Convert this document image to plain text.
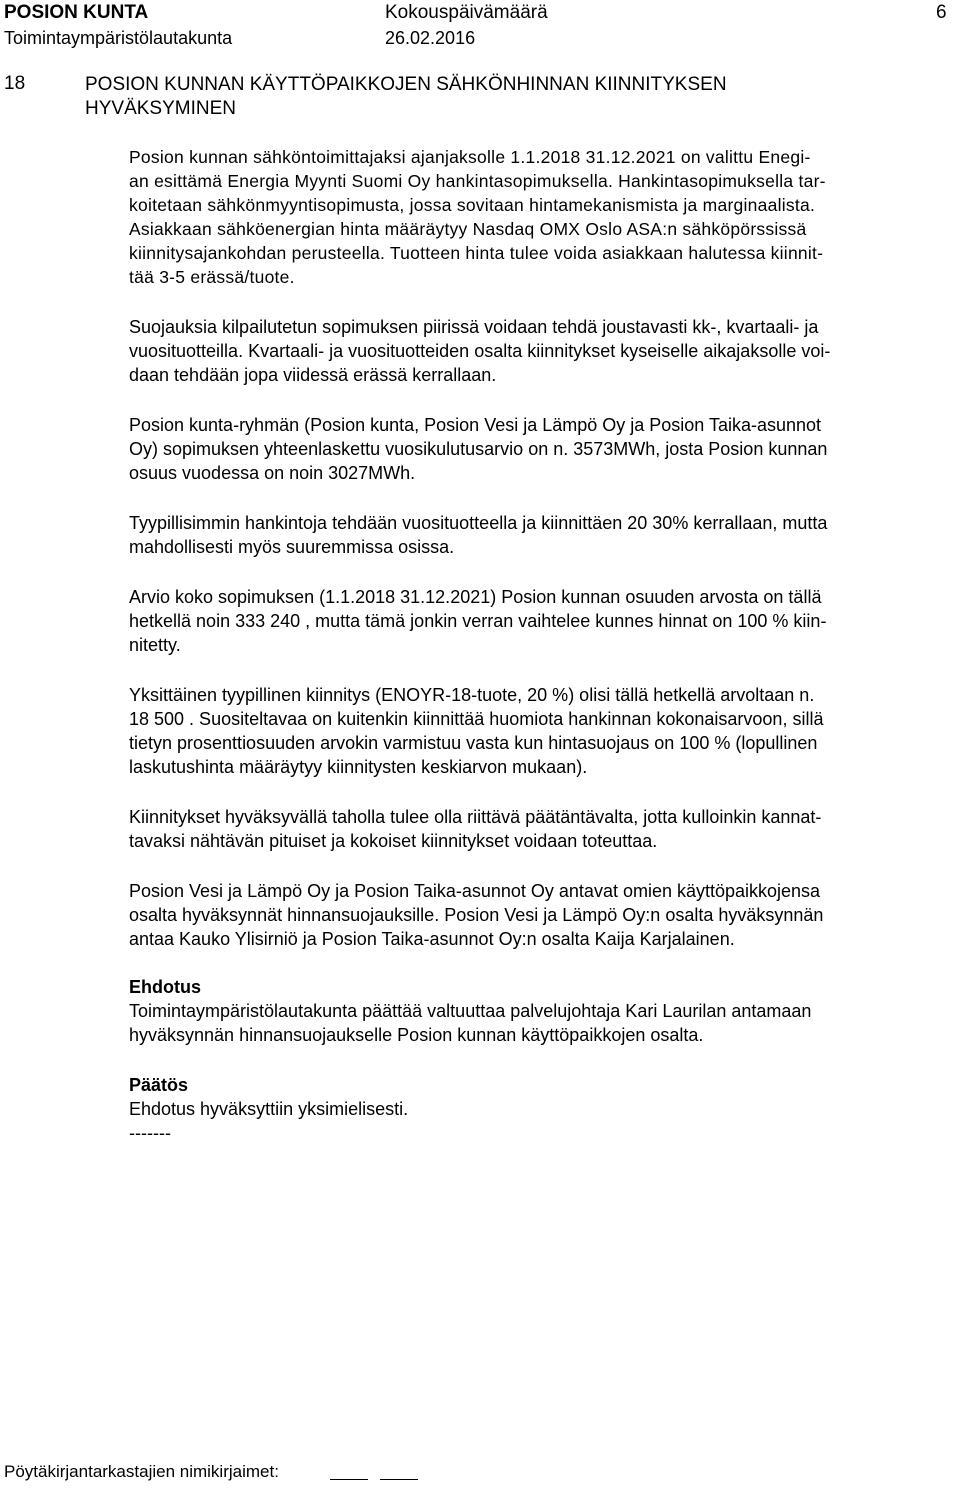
POSION KUNTA	Kokouspäivämäärä	6
Toimintaympäristölautakunta	26.02.2016
18	POSION KUNNAN KÄYTTÖPAIKKOJEN SÄHKÖNHINNAN KIINNITYKSEN
HYVÄKSYMINEN
Posion kunnan sähköntoimittajaksi ajanjaksolle 1.1.2018 31.12.2021 on valittu Enegi-
an esittämä Energia Myynti Suomi Oy hankintasopimuksella. Hankintasopimuksella tar-
koitetaan sähkönmyyntisopimusta, jossa sovitaan hintamekanismista ja marginaalista.
Asiakkaan sähköenergian hinta määräytyy Nasdaq OMX Oslo ASA:n sähköpörssissä
kiinnitysajankohdan perusteella. Tuotteen hinta tulee voida asiakkaan halutessa kiinnit-
tää 3-5 erässä/tuote.
Suojauksia kilpailutetun sopimuksen piirissä voidaan tehdä joustavasti kk-, kvartaali- ja
vuosituotteilla. Kvartaali- ja vuosituotteiden osalta kiinnitykset kyseiselle aikajaksolle voi-
daan tehdään jopa viidessä erässä kerrallaan.
Posion kunta-ryhmän (Posion kunta, Posion Vesi ja Lämpö Oy ja Posion Taika-asunnot
Oy) sopimuksen yhteenlaskettu vuosikulutusarvio on n. 3573MWh, josta Posion kunnan
osuus vuodessa on noin 3027MWh.
Tyypillisimmin hankintoja tehdään vuosituotteella ja kiinnittäen 20 30% kerrallaan, mutta
mahdollisesti myös suuremmissa osissa.
Arvio koko sopimuksen (1.1.2018 31.12.2021) Posion kunnan osuuden arvosta on tällä
hetkellä noin 333 240 , mutta tämä jonkin verran vaihtelee kunnes hinnat on 100 % kiin-
nitetty.
Yksittäinen tyypillinen kiinnitys (ENOYR-18-tuote, 20 %) olisi tällä hetkellä arvoltaan n.
18 500 . Suositeltavaa on kuitenkin kiinnittää huomiota hankinnan kokonaisarvoon, sillä
tietyn prosenttiosuuden arvokin varmistuu vasta kun hintasuojaus on 100 % (lopullinen
laskutushinta määräytyy kiinnitysten keskiarvon mukaan).
Kiinnitykset hyväksyvällä taholla tulee olla riittävä päätäntävalta, jotta kulloinkin kannat-
tavaksi nähtävän pituiset ja kokoiset kiinnitykset voidaan toteuttaa.
Posion Vesi ja Lämpö Oy ja Posion Taika-asunnot Oy antavat omien käyttöpaikkojensa
osalta hyväksynnät hinnansuojauksille. Posion Vesi ja Lämpö Oy:n osalta hyväksynnän
antaa Kauko Ylisirniö ja Posion Taika-asunnot Oy:n osalta Kaija Karjalainen.
Ehdotus
Toimintaympäristölautakunta päättää valtuuttaa palvelujohtaja Kari Laurilan antamaan
hyväksynnän hinnansuojaukselle Posion kunnan käyttöpaikkojen osalta.
Päätös
Ehdotus hyväksyttiin yksimielisesti.
-------
Pöytäkirjantarkastajien nimikirjaimet:
